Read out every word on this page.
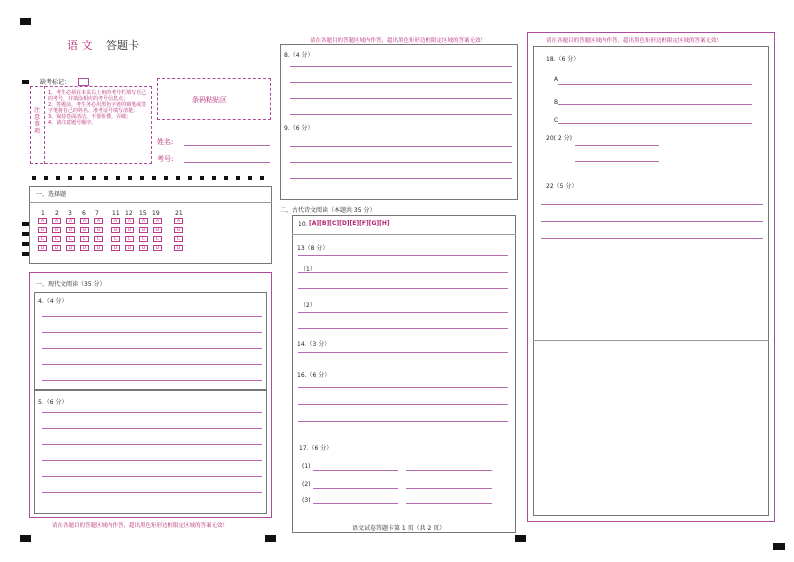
语 文 答题卡
缺考标记：
注意事项
1、考生必须在本页右上角的考号栏填写自己的考号，并填涂相应的考号信息点；
2、答题前，考生务必用黑色字迹的钢笔或签字笔将自己的姓名、准考证号填写清楚；
3、保持卷面清洁，不要折叠，弄破；
4、请注意题号顺序。
条码粘贴区
姓名:
考号:
一、选择题
1 2 3 6 7 11 12 15 19	21
A
B
C
D
A
B
C
D
A
B
C
D
A
B
C
D
A
B
C
D
A
B
C
D
A
B
C
D
A
B
C
D
A
B
C
D
A
B
C
D
一、现代文阅读（35 分）
4.（4 分）
5.（6 分）
请在各题目的答题区域内作答，超出黑色矩形边框限定区域的答案无效！
请在各题目的答题区域内作答，超出黑色矩形边框限定区域的答案无效！
8.（4 分）
9.（6 分）
二、古代诗文阅读（本题共 35 分）
10. [A][B][C][D][E][F][G][H]
13（8 分）
（1）
（2）
14.（3 分）
16.（6 分）
17.（6 分）
(1)
(2)
(3)
语文试卷答题卡第 1 页（共 2 页）
请在各题目的答题区域内作答，超出黑色矩形边框限定区域的答案无效！
18.（6 分）
A
B
C
20( 2 分)
22（5 分）
